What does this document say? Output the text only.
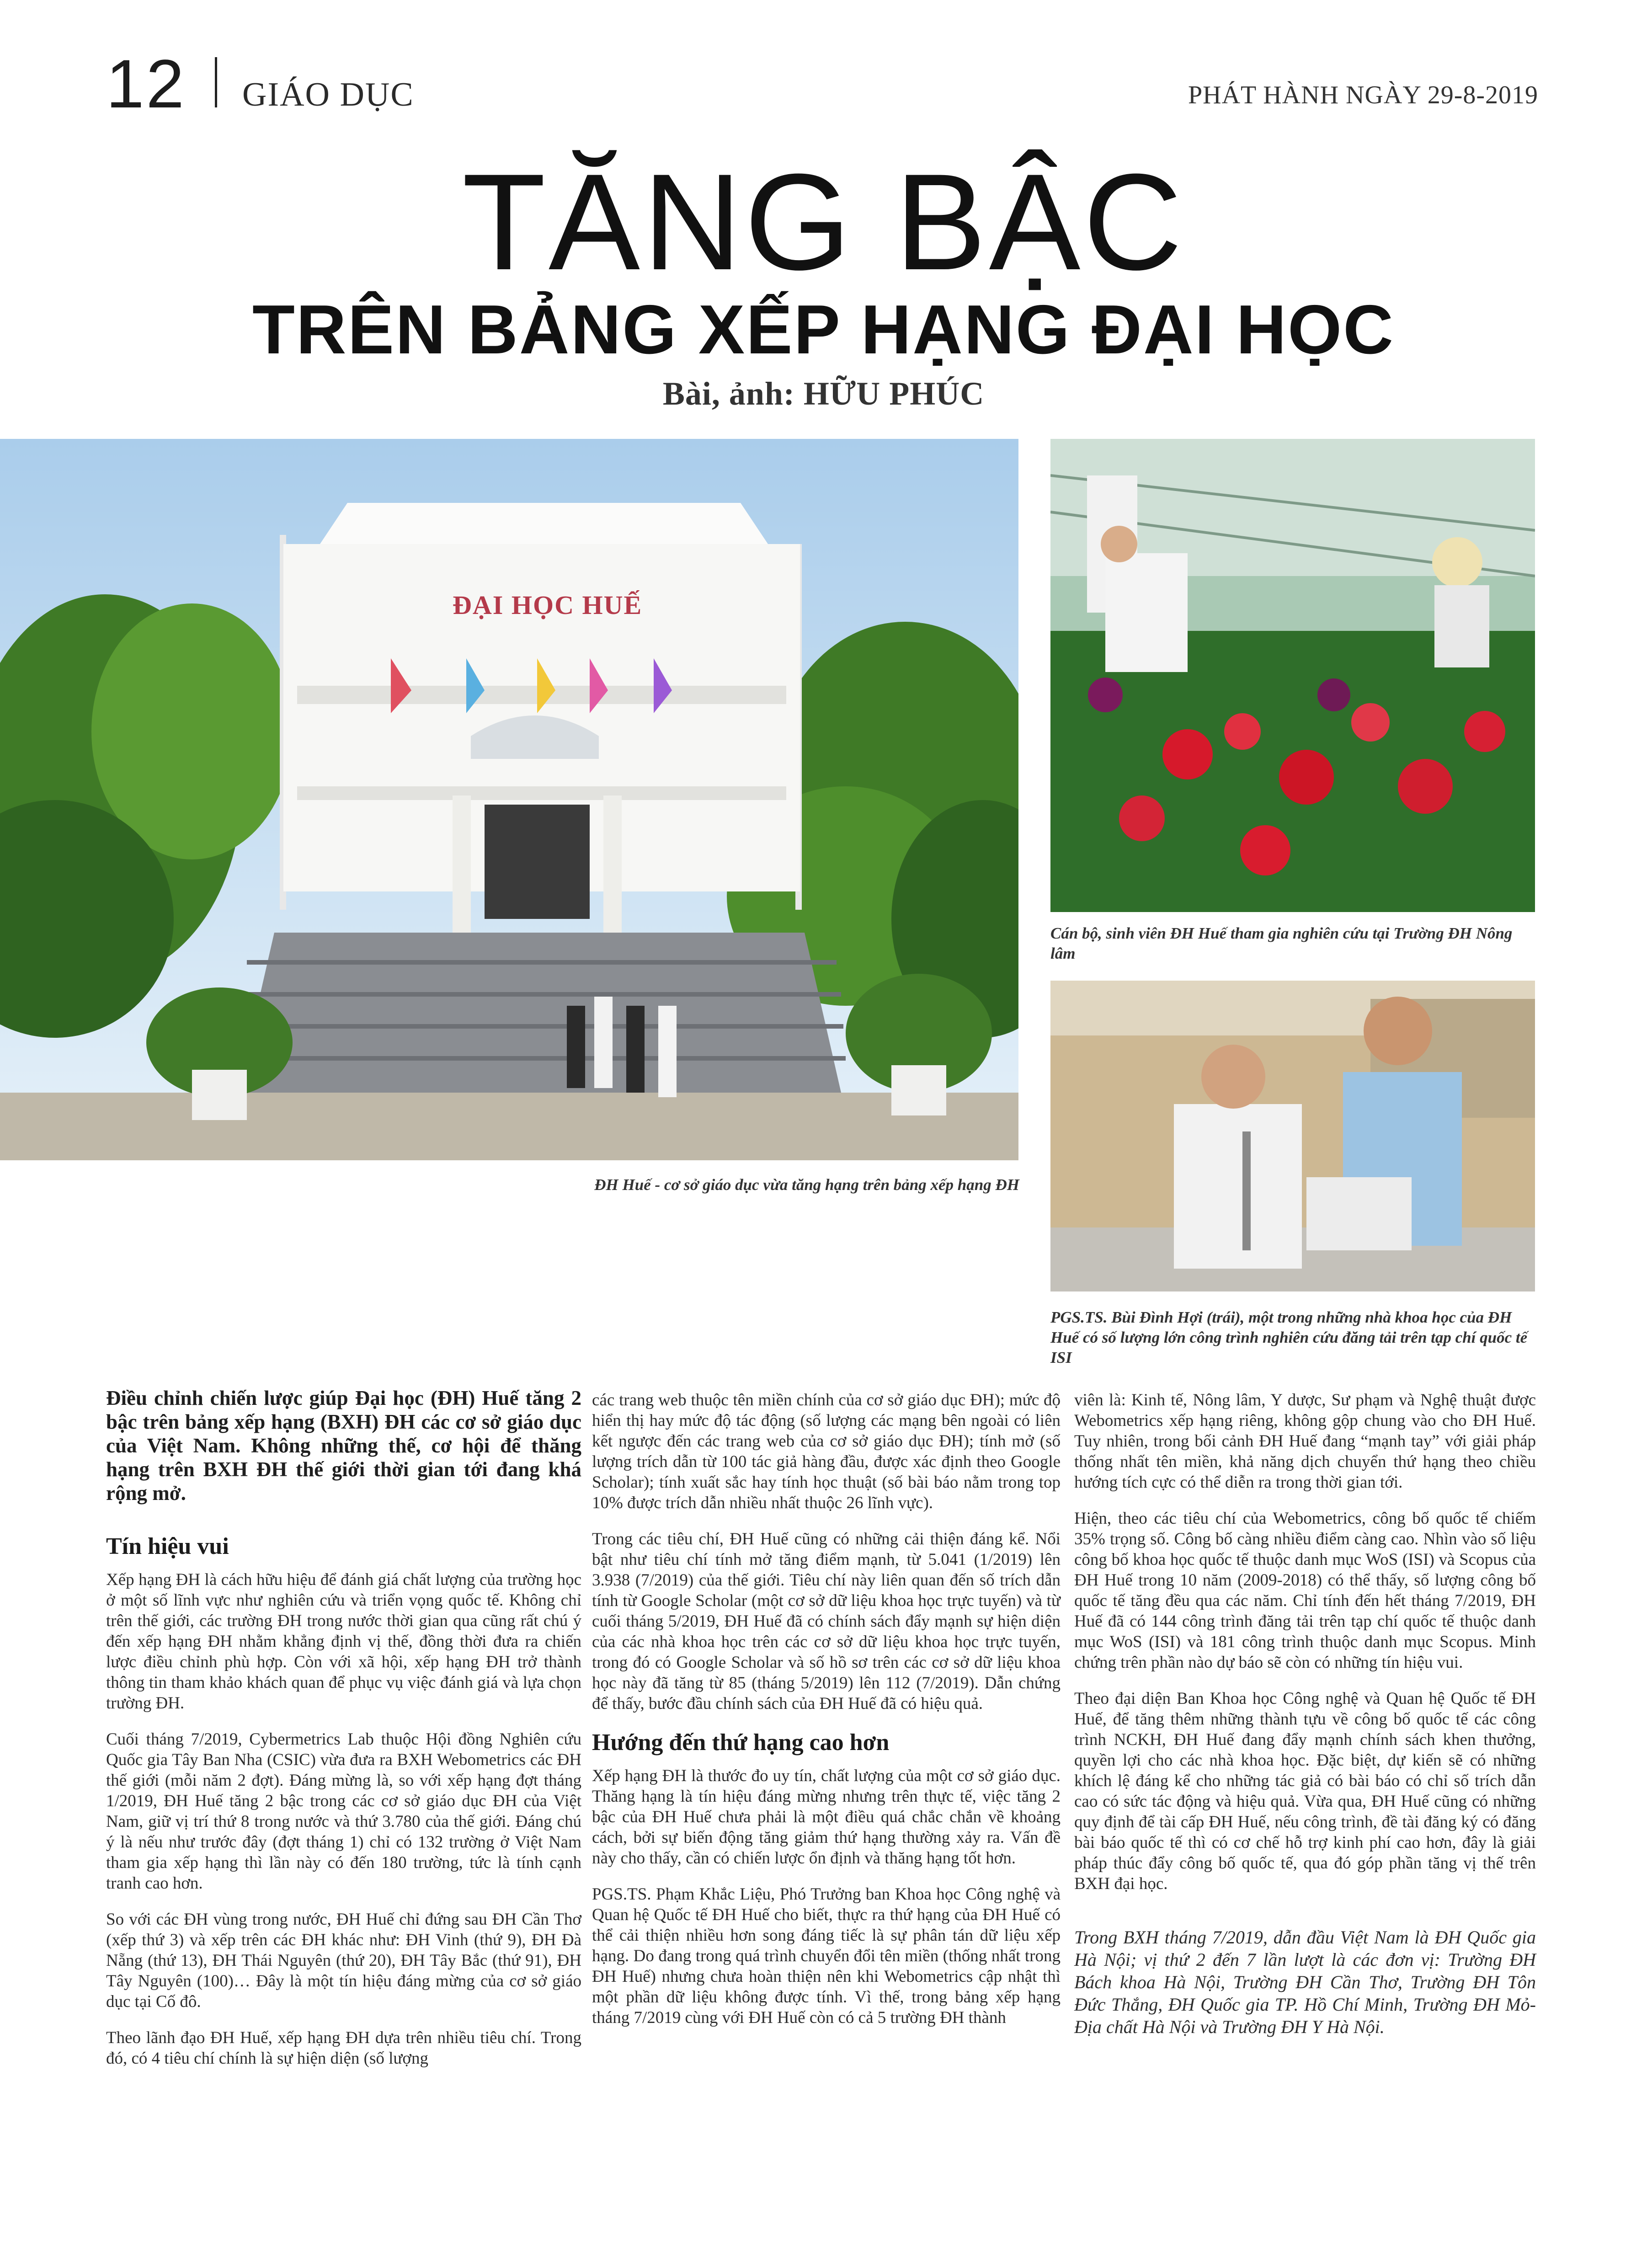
12 GIÁO DỤC	PHÁT HÀNH NGÀY 29-8-2019
TĂNG BẬC
TRÊN BẢNG XẾP HẠNG ĐẠI HỌC
Bài, ảnh: HỮU PHÚC
ĐẠI HỌC HUẾ
ĐH Huế - cơ sở giáo dục vừa tăng hạng trên bảng xếp hạng ĐH
Cán bộ, sinh viên ĐH Huế tham gia nghiên cứu tại Trường ĐH Nông lâm
PGS.TS. Bùi Đình Hợi (trái), một trong những nhà khoa học của ĐH Huế có số lượng lớn công trình nghiên cứu đăng tải trên tạp chí quốc tế ISI

Điều chỉnh chiến lược giúp Đại học (ĐH) Huế tăng 2 bậc trên bảng xếp hạng (BXH) ĐH các cơ sở giáo dục của Việt Nam. Không những thế, cơ hội để thăng hạng trên BXH ĐH thế giới thời gian tới đang khá rộng mở.

Tín hiệu vui

Xếp hạng ĐH là cách hữu hiệu để đánh giá chất lượng của trường học ở một số lĩnh vực như nghiên cứu và triển vọng quốc tế. Không chỉ trên thế giới, các trường ĐH trong nước thời gian qua cũng rất chú ý đến xếp hạng ĐH nhằm khẳng định vị thế, đồng thời đưa ra chiến lược điều chỉnh phù hợp. Còn với xã hội, xếp hạng ĐH trở thành thông tin tham khảo khách quan để phục vụ việc đánh giá và lựa chọn trường ĐH.

Cuối tháng 7/2019, Cybermetrics Lab thuộc Hội đồng Nghiên cứu Quốc gia Tây Ban Nha (CSIC) vừa đưa ra BXH Webometrics các ĐH thế giới (mỗi năm 2 đợt). Đáng mừng là, so với xếp hạng đợt tháng 1/2019, ĐH Huế tăng 2 bậc trong các cơ sở giáo dục ĐH của Việt Nam, giữ vị trí thứ 8 trong nước và thứ 3.780 của thế giới. Đáng chú ý là nếu như trước đây (đợt tháng 1) chỉ có 132 trường ở Việt Nam tham gia xếp hạng thì lần này có đến 180 trường, tức là tính cạnh tranh cao hơn.

So với các ĐH vùng trong nước, ĐH Huế chỉ đứng sau ĐH Cần Thơ (xếp thứ 3) và xếp trên các ĐH khác như: ĐH Vinh (thứ 9), ĐH Đà Nẵng (thứ 13), ĐH Thái Nguyên (thứ 20), ĐH Tây Bắc (thứ 91), ĐH Tây Nguyên (100)… Đây là một tín hiệu đáng mừng của cơ sở giáo dục tại Cố đô.

Theo lãnh đạo ĐH Huế, xếp hạng ĐH dựa trên nhiều tiêu chí. Trong đó, có 4 tiêu chí chính là sự hiện diện (số lượng

các trang web thuộc tên miền chính của cơ sở giáo dục ĐH); mức độ hiển thị hay mức độ tác động (số lượng các mạng bên ngoài có liên kết ngược đến các trang web của cơ sở giáo dục ĐH); tính mở (số lượng trích dẫn từ 100 tác giả hàng đầu, được xác định theo Google Scholar); tính xuất sắc hay tính học thuật (số bài báo nằm trong top 10% được trích dẫn nhiều nhất thuộc 26 lĩnh vực).

Trong các tiêu chí, ĐH Huế cũng có những cải thiện đáng kể. Nổi bật như tiêu chí tính mở tăng điểm mạnh, từ 5.041 (1/2019) lên 3.938 (7/2019) của thế giới. Tiêu chí này liên quan đến số trích dẫn tính từ Google Scholar (một cơ sở dữ liệu khoa học trực tuyến) và từ cuối tháng 5/2019, ĐH Huế đã có chính sách đẩy mạnh sự hiện diện của các nhà khoa học trên các cơ sở dữ liệu khoa học trực tuyến, trong đó có Google Scholar và số hồ sơ trên các cơ sở dữ liệu khoa học này đã tăng từ 85 (tháng 5/2019) lên 112 (7/2019). Dẫn chứng để thấy, bước đầu chính sách của ĐH Huế đã có hiệu quả.

Hướng đến thứ hạng cao hơn

Xếp hạng ĐH là thước đo uy tín, chất lượng của một cơ sở giáo dục. Thăng hạng là tín hiệu đáng mừng nhưng trên thực tế, việc tăng 2 bậc của ĐH Huế chưa phải là một điều quá chắc chắn về khoảng cách, bởi sự biến động tăng giảm thứ hạng thường xảy ra. Vấn đề này cho thấy, cần có chiến lược ổn định và thăng hạng tốt hơn.

PGS.TS. Phạm Khắc Liệu, Phó Trưởng ban Khoa học Công nghệ và Quan hệ Quốc tế ĐH Huế cho biết, thực ra thứ hạng của ĐH Huế có thể cải thiện nhiều hơn song đáng tiếc là sự phân tán dữ liệu xếp hạng. Do đang trong quá trình chuyển đổi tên miền (thống nhất trong ĐH Huế) nhưng chưa hoàn thiện nên khi Webometrics cập nhật thì một phần dữ liệu không được tính. Vì thế, trong bảng xếp hạng tháng 7/2019 cùng với ĐH Huế còn có cả 5 trường ĐH thành

viên là: Kinh tế, Nông lâm, Y dược, Sư phạm và Nghệ thuật được Webometrics xếp hạng riêng, không gộp chung vào cho ĐH Huế. Tuy nhiên, trong bối cảnh ĐH Huế đang “mạnh tay” với giải pháp thống nhất tên miền, khả năng dịch chuyển thứ hạng theo chiều hướng tích cực có thể diễn ra trong thời gian tới.

Hiện, theo các tiêu chí của Webometrics, công bố quốc tế chiếm 35% trọng số. Công bố càng nhiều điểm càng cao. Nhìn vào số liệu công bố khoa học quốc tế thuộc danh mục WoS (ISI) và Scopus của ĐH Huế trong 10 năm (2009-2018) có thể thấy, số lượng công bố quốc tế tăng đều qua các năm. Chỉ tính đến hết tháng 7/2019, ĐH Huế đã có 144 công trình đăng tải trên tạp chí quốc tế thuộc danh mục WoS (ISI) và 181 công trình thuộc danh mục Scopus. Minh chứng trên phần nào dự báo sẽ còn có những tín hiệu vui.

Theo đại diện Ban Khoa học Công nghệ và Quan hệ Quốc tế ĐH Huế, để tăng thêm những thành tựu về công bố quốc tế các công trình NCKH, ĐH Huế đang đẩy mạnh chính sách khen thưởng, quyền lợi cho các nhà khoa học. Đặc biệt, dự kiến sẽ có những khích lệ đáng kể cho những tác giả có bài báo có chỉ số trích dẫn cao có sức tác động và hiệu quả. Vừa qua, ĐH Huế cũng có những quy định để tài cấp ĐH Huế, nếu công trình, đề tài đăng ký có đăng bài báo quốc tế thì có cơ chế hỗ trợ kinh phí cao hơn, đây là giải pháp thúc đẩy công bố quốc tế, qua đó góp phần tăng vị thế trên BXH đại học.

Trong BXH tháng 7/2019, dẫn đầu Việt Nam là ĐH Quốc gia Hà Nội; vị thứ 2 đến 7 lần lượt là các đơn vị: Trường ĐH Bách khoa Hà Nội, Trường ĐH Cần Thơ, Trường ĐH Tôn Đức Thắng, ĐH Quốc gia TP. Hồ Chí Minh, Trường ĐH Mỏ-Địa chất Hà Nội và Trường ĐH Y Hà Nội.
